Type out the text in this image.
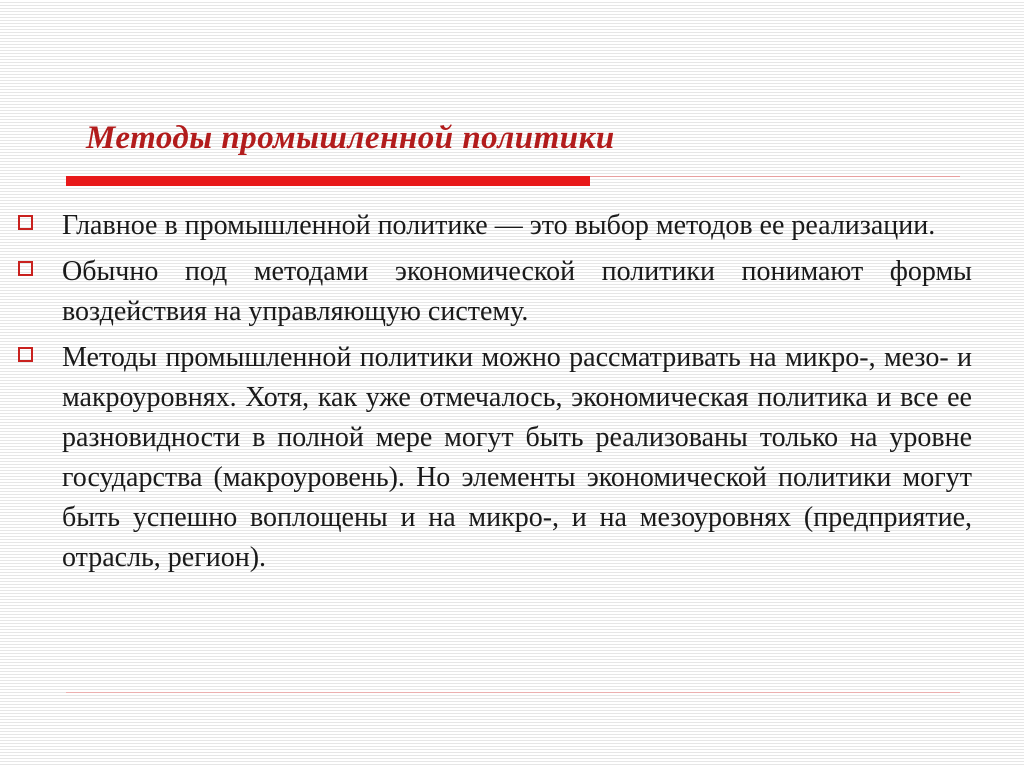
Методы промышленной политики
Главное в промышленной политике — это выбор методов ее реализации.
Обычно под методами экономической политики понимают формы воздействия на управляющую систему.
Методы промышленной политики можно рассматривать на микро-, мезо- и макроуровнях. Хотя, как уже отмечалось, экономическая политика и все ее разновидности в полной мере могут быть реализованы только на уровне государства (макроуровень). Но элементы экономической политики могут быть успешно воплощены и на микро-, и на мезоуровнях (предприятие, отрасль, регион).
